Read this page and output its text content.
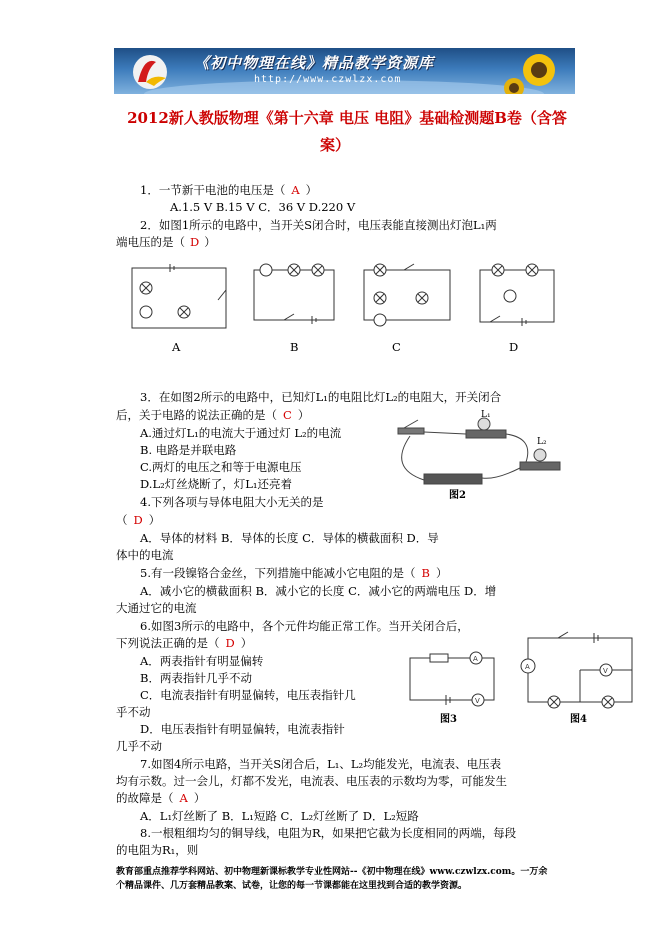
《初中物理在线》精品教学资源库
http://www.czwlzx.com
2012新人教版物理《第十六章 电压 电阻》基础检测题B卷（含答
案）
1．一节新干电池的电压是（ A ）
A.1.5 V B.15 V C．36 V D.220 V
2．如图1所示的电路中，当开关S闭合时，电压表能直接测出灯泡L₁两
端电压的是（ D ）
A	B	C	D
3．在如图2所示的电路中，已知灯L₁的电阻比灯L₂的电阻大，开关闭合
后，关于电路的说法正确的是（ C ）
A.通过灯L₁的电流大于通过灯 L₂的电流
B. 电路是并联电路
C.两灯的电压之和等于电源电压
D.L₂灯丝烧断了，灯L₁还亮着
L₁
L₂
图2
4.下列各项与导体电阻大小无关的是
（ D ）
A．导体的材料 B．导体的长度 C．导体的横截面积 D．导
体中的电流
5.有一段镍铬合金丝，下列措施中能减小它电阻的是（ B ）
A．减小它的横截面积 B．减小它的长度 C．减小它的两端电压 D．增
大通过它的电流
6.如图3所示的电路中，各个元件均能正常工作。当开关闭合后，
下列说法正确的是（ D ）
A．两表指针有明显偏转
B．两表指针几乎不动
C．电流表指针有明显偏转，电压表指针几
乎不动
D．电压表指针有明显偏转，电流表指针
几乎不动
A
V
图3
A	V
图4
7.如图4所示电路，当开关S闭合后，L₁、L₂均能发光，电流表、电压表
均有示数。过一会儿，灯都不发光，电流表、电压表的示数均为零，可能发生
的故障是（ A ）
A．L₁灯丝断了 B．L₁短路 C．L₂灯丝断了 D．L₂短路
8.一根粗细均匀的铜导线，电阻为R，如果把它截为长度相同的两端，每段
的电阻为R₁，则
教育部重点推荐学科网站、初中物理新课标教学专业性网站--《初中物理在线》www.czwlzx.com。一万余
个精品课件、几万套精品教案、试卷，让您的每一节课都能在这里找到合适的教学资源。
